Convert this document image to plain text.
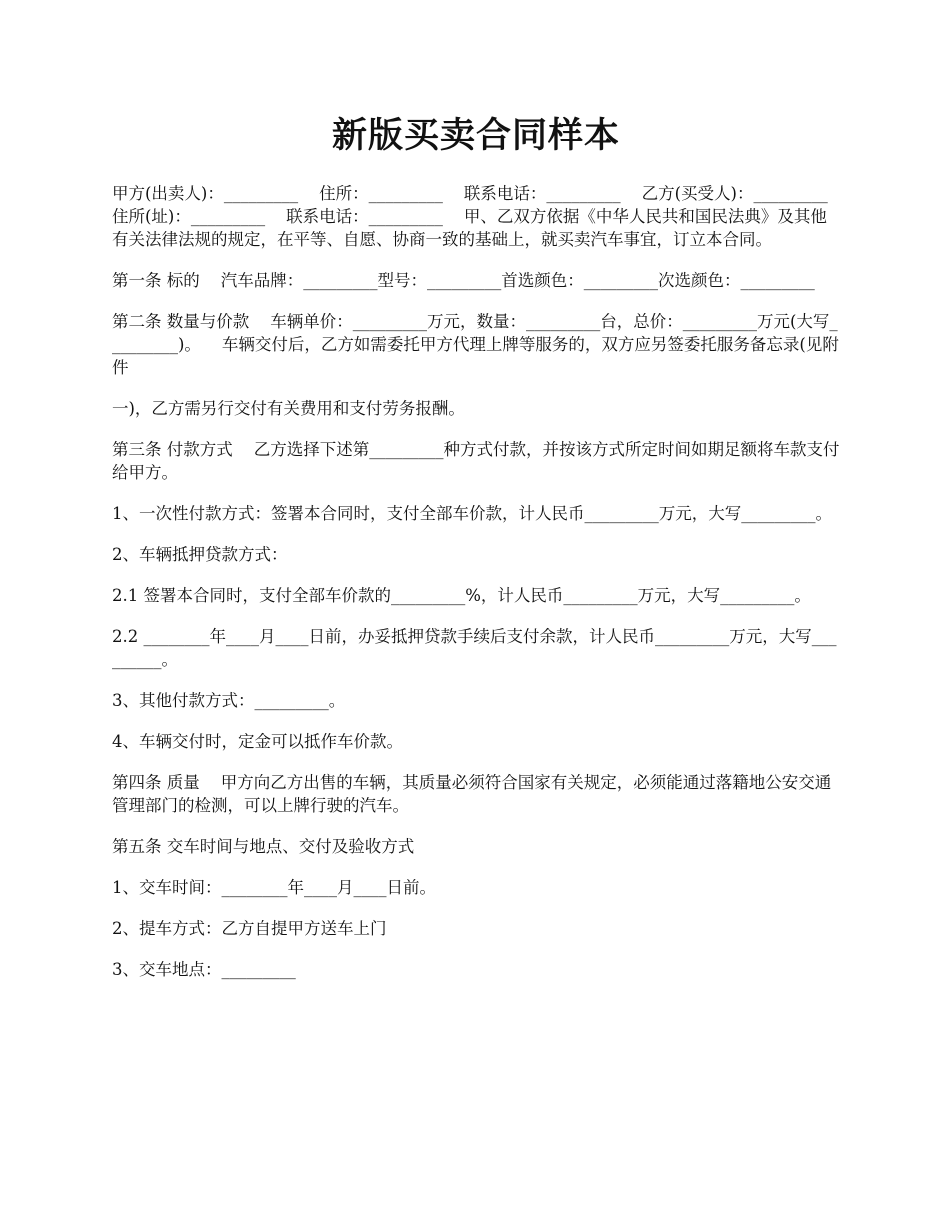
新版买卖合同样本

甲方(出卖人)：_________    住所：_________    联系电话：_________    乙方(买受人)：_________    住所(址)：_________    联系电话：_________    甲、乙双方依据《中华人民共和国民法典》及其他有关法律法规的规定，在平等、自愿、协商一致的基础上，就买卖汽车事宜，订立本合同。

第一条 标的    汽车品牌：_________型号：_________首选颜色：_________次选颜色：_________

第二条 数量与价款    车辆单价：_________万元，数量：_________台，总价：_________万元(大写_________)。    车辆交付后，乙方如需委托甲方代理上牌等服务的，双方应另签委托服务备忘录(见附件

一)，乙方需另行交付有关费用和支付劳务报酬。

第三条 付款方式    乙方选择下述第_________种方式付款，并按该方式所定时间如期足额将车款支付给甲方。

1、一次性付款方式：签署本合同时，支付全部车价款，计人民币_________万元，大写_________。

2、车辆抵押贷款方式：

2.1 签署本合同时，支付全部车价款的_________%，计人民币_________万元，大写_________。

2.2 ________年____月____日前，办妥抵押贷款手续后支付余款，计人民币_________万元，大写_________。

3、其他付款方式：_________。

4、车辆交付时，定金可以抵作车价款。

第四条 质量    甲方向乙方出售的车辆，其质量必须符合国家有关规定，必须能通过落籍地公安交通管理部门的检测，可以上牌行驶的汽车。

第五条 交车时间与地点、交付及验收方式

1、交车时间：________年____月____日前。

2、提车方式：乙方自提甲方送车上门

3、交车地点：_________
